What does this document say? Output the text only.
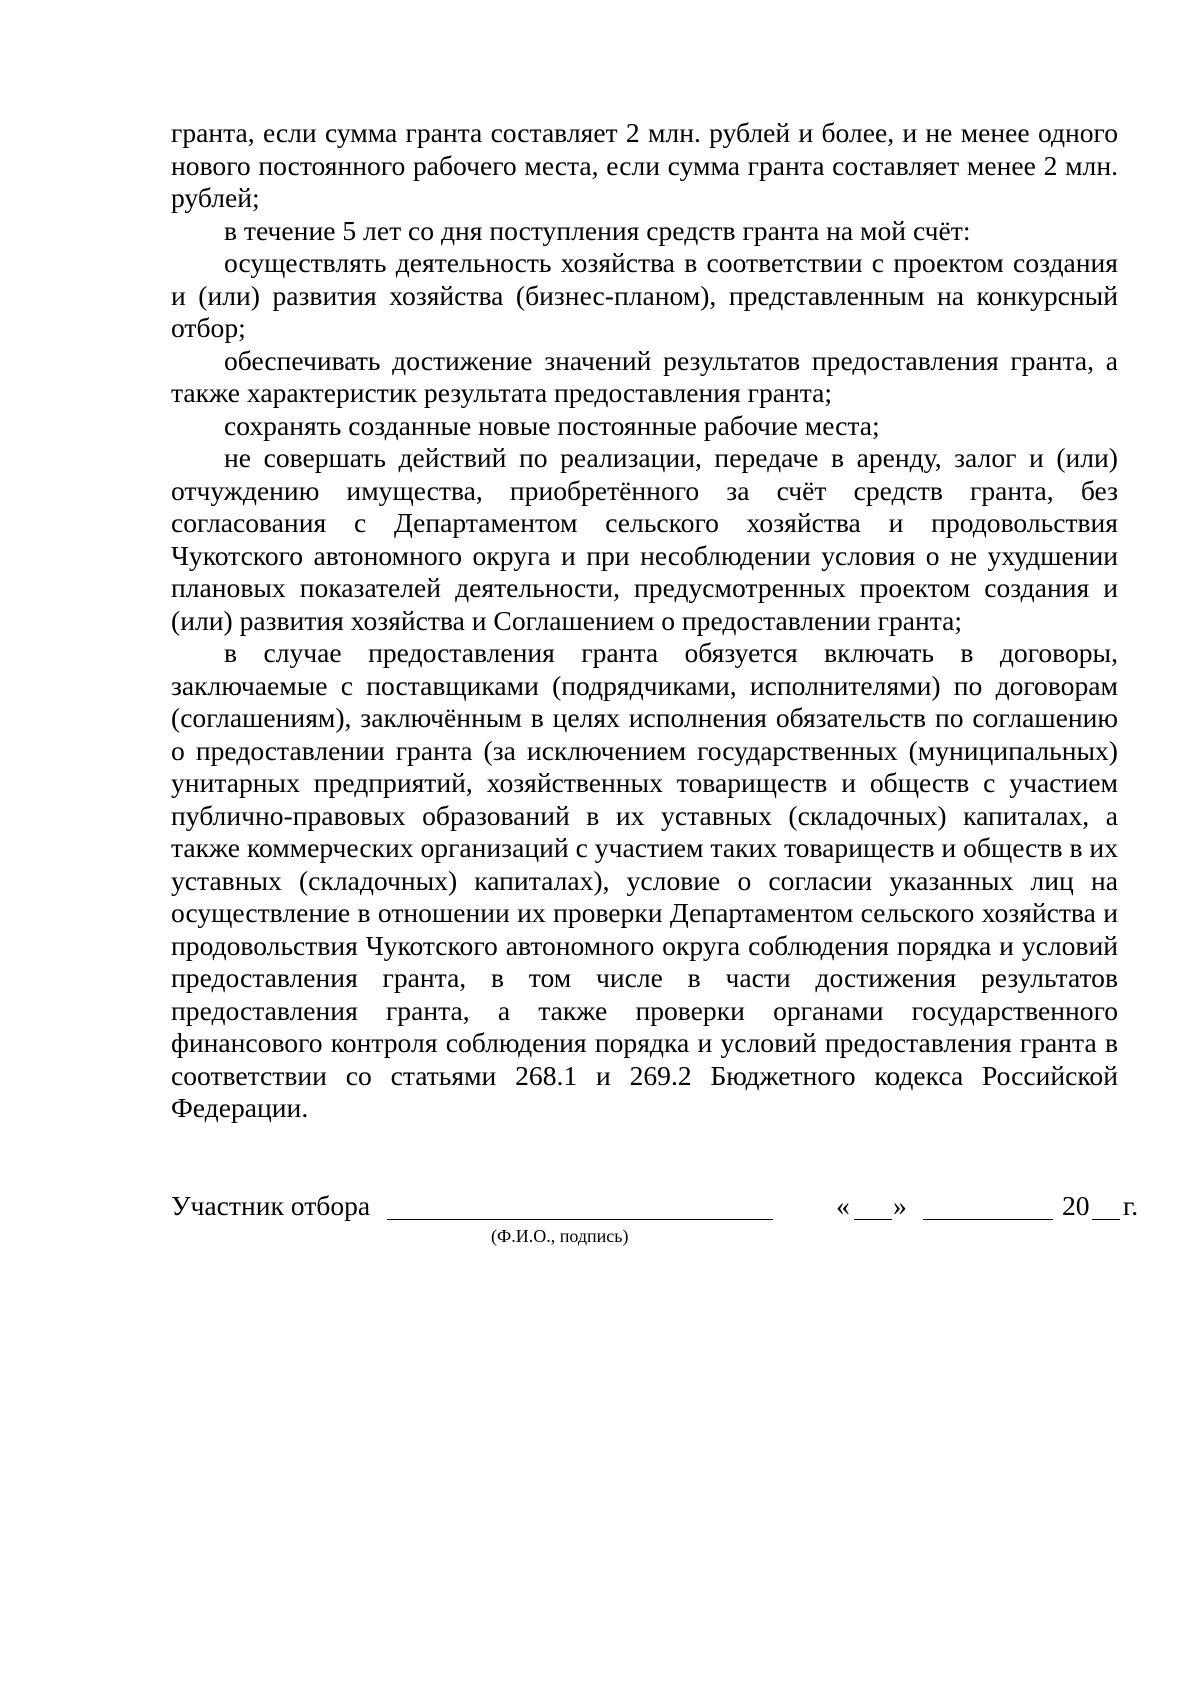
гранта, если сумма гранта составляет 2 млн. рублей и более, и не менее одного нового постоянного рабочего места, если сумма гранта составляет менее 2 млн. рублей;

в течение 5 лет со дня поступления средств гранта на мой счёт:

осуществлять деятельность хозяйства в соответствии с проектом создания и (или) развития хозяйства (бизнес-планом), представленным на конкурсный отбор;

обеспечивать достижение значений результатов предоставления гранта, а также характеристик результата предоставления гранта;

сохранять созданные новые постоянные рабочие места;

не совершать действий по реализации, передаче в аренду, залог и (или) отчуждению имущества, приобретённого за счёт средств гранта, без согласования с Департаментом сельского хозяйства и продовольствия Чукотского автономного округа и при несоблюдении условия о не ухудшении плановых показателей деятельности, предусмотренных проектом создания и (или) развития хозяйства и Соглашением о предоставлении гранта;

в случае предоставления гранта обязуется включать в договоры, заключаемые с поставщиками (подрядчиками, исполнителями) по договорам (соглашениям), заключённым в целях исполнения обязательств по соглашению о предоставлении гранта (за исключением государственных (муниципальных) унитарных предприятий, хозяйственных товариществ и обществ с участием публично-правовых образований в их уставных (складочных) капиталах, а также коммерческих организаций с участием таких товариществ и обществ в их уставных (складочных) капиталах), условие о согласии указанных лиц на осуществление в отношении их проверки Департаментом сельского хозяйства и продовольствия Чукотского автономного округа соблюдения порядка и условий предоставления гранта, в том числе в части достижения результатов предоставления гранта, а также проверки органами государственного финансового контроля соблюдения порядка и условий предоставления гранта в соответствии со статьями 268.1 и 269.2 Бюджетного кодекса Российской Федерации.

Участник отбора
(Ф.И.О., подпись)
« »	20 г.
